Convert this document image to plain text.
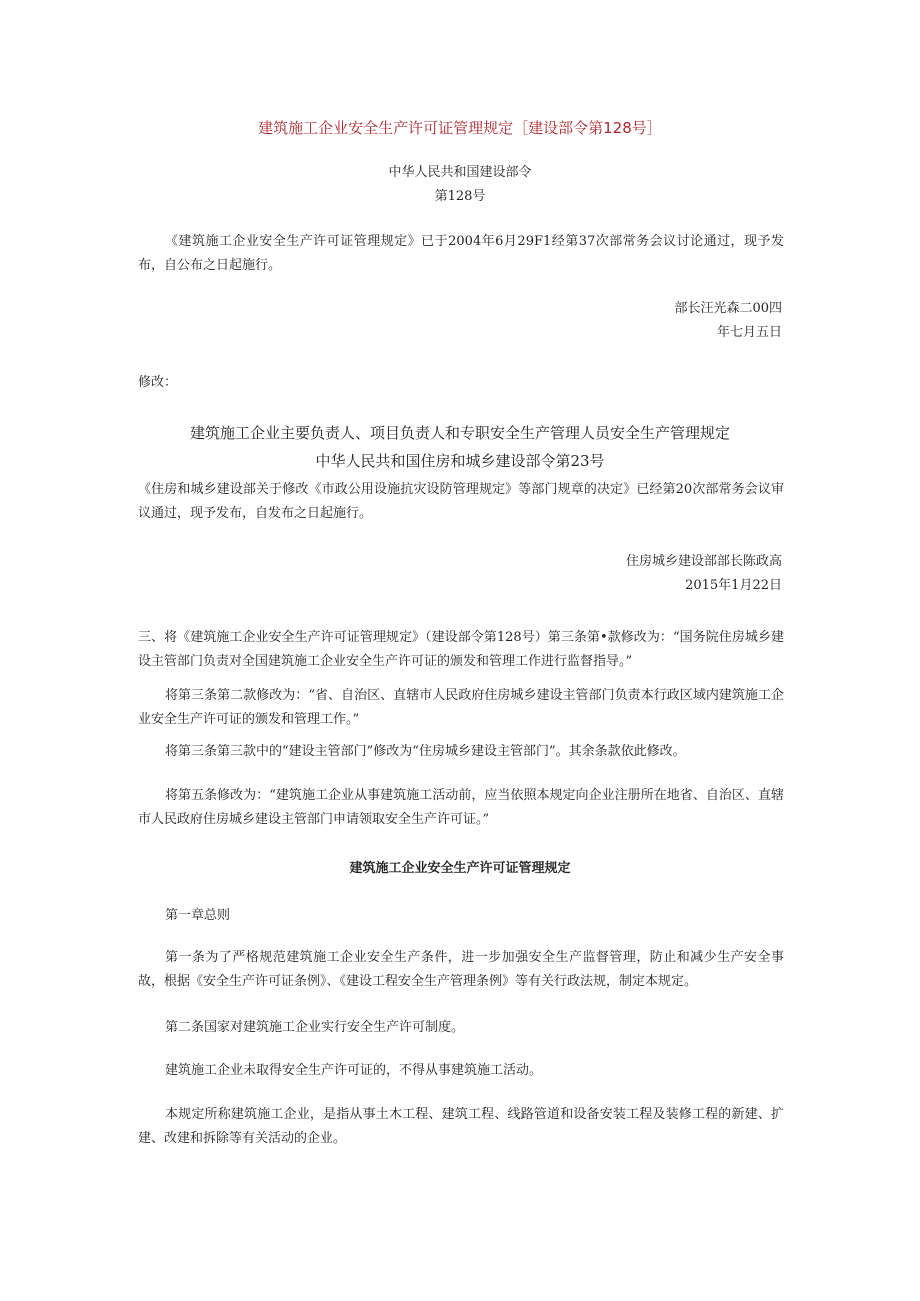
建筑施工企业安全生产许可证管理规定［建设部令第128号］
中华人民共和国建设部令
第128号
《建筑施工企业安全生产许可证管理规定》已于2004年6月29F1经第37次部常务会议讨论通过，现予发布，自公布之日起施行。
部长汪光森二00四
年七月五日
修改：
建筑施工企业主要负责人、项目负责人和专职安全生产管理人员安全生产管理规定
中华人民共和国住房和城乡建设部令第23号
《住房和城乡建设部关于修改《市政公用设施抗灾设防管理规定》等部门规章的决定》已经第20次部常务会议审议通过，现予发布，自发布之日起施行。
住房城乡建设部部长陈政高
2015年1月22日
三、将《建筑施工企业安全生产许可证管理规定》（建设部令第128号）第三条第•款修改为：“国务院住房城乡建设主管部门负责对全国建筑施工企业安全生产许可证的颁发和管理工作进行监督指导。”
将第三条第二款修改为：“省、自治区、直辖市人民政府住房城乡建设主管部门负责本行政区域内建筑施工企业安全生产许可证的颁发和管理工作。”
将第三条第三款中的“建设主管部门”修改为“住房城乡建设主管部门”。其余条款依此修改。
将第五条修改为：“建筑施工企业从事建筑施工活动前，应当依照本规定向企业注册所在地省、自治区、直辖市人民政府住房城乡建设主管部门申请领取安全生产许可证。”
建筑施工企业安全生产许可证管理规定
第一章总则
第一条为了严格规范建筑施工企业安全生产条件，进一步加强安全生产监督管理，防止和减少生产安全事故，根据《安全生产许可证条例》、《建设工程安全生产管理条例》等有关行政法规，制定本规定。
第二条国家对建筑施工企业实行安全生产许可制度。
建筑施工企业未取得安全生产许可证的，不得从事建筑施工活动。
本规定所称建筑施工企业，是指从事土木工程、建筑工程、线路管道和设备安装工程及装修工程的新建、扩建、改建和拆除等有关活动的企业。
